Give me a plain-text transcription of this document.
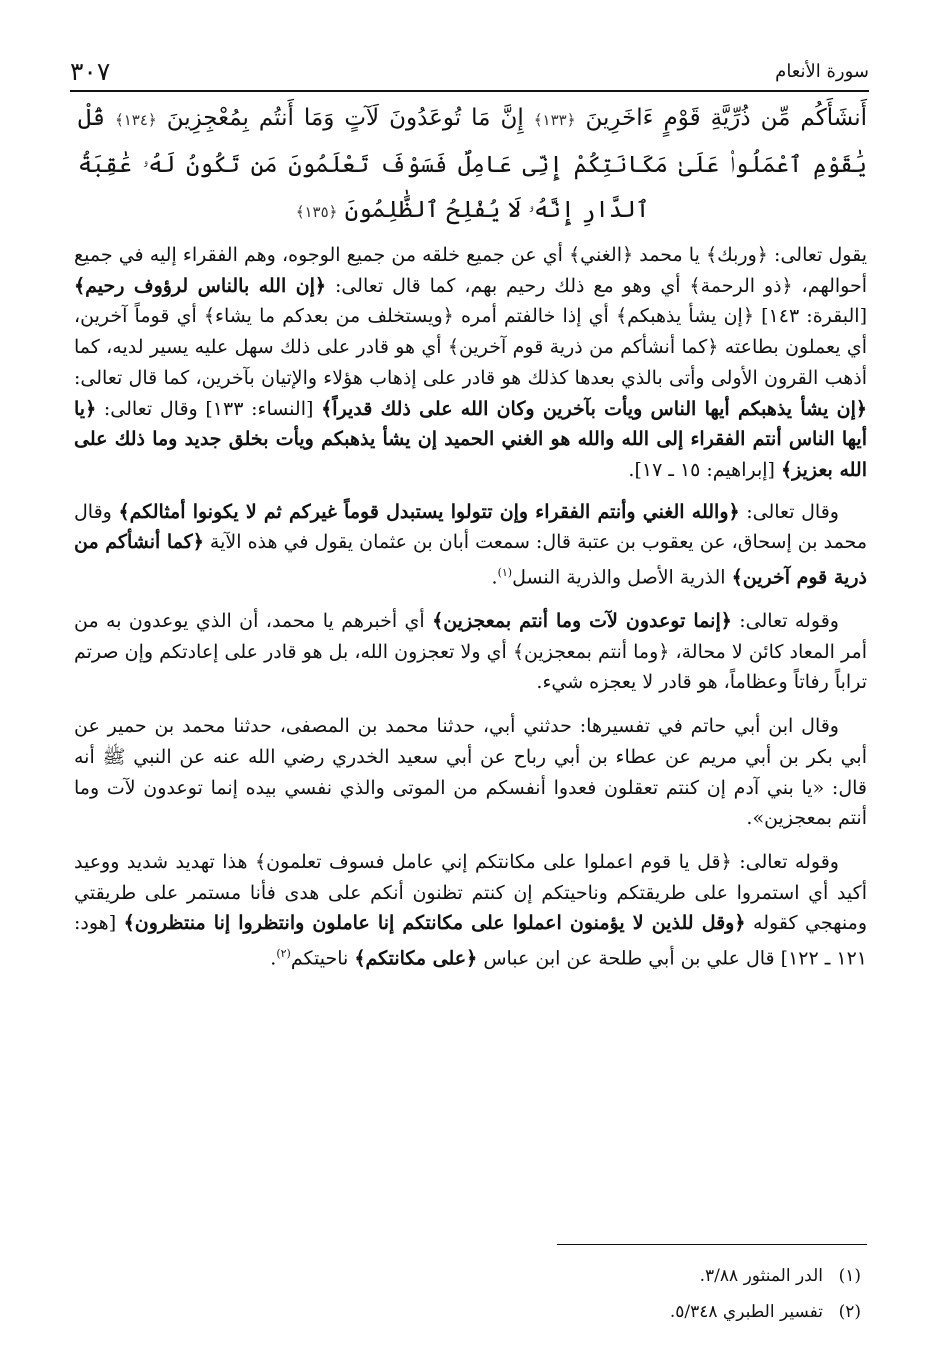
٣٠٧	سورة الأنعام
أَنشَأَكُم مِّن ذُرِّيَّةِ قَوْمٍ ءَاخَرِينَ ﴿١٣٣﴾ إِنَّ مَا تُوعَدُونَ لَآتٍ وَمَا أَنتُم بِمُعْجِزِينَ ﴿١٣٤﴾ قُلْ يَٰقَوْمِ ٱعْمَلُوا۟ عَلَىٰ مَكَانَتِكُمْ إِنِّى عَامِلٌ فَسَوْفَ تَعْلَمُونَ مَن تَكُونُ لَهُۥ عَٰقِبَةُ ٱلدَّارِ إِنَّهُۥ لَا يُفْلِحُ ٱلظَّٰلِمُونَ ﴿١٣٥﴾

يقول تعالى: ﴿وربك﴾ يا محمد ﴿الغني﴾ أي عن جميع خلقه من جميع الوجوه، وهم الفقراء إليه في جميع أحوالهم، ﴿ذو الرحمة﴾ أي وهو مع ذلك رحيم بهم، كما قال تعالى: ﴿إن الله بالناس لرؤوف رحيم﴾ [البقرة: ١٤٣] ﴿إن يشأ يذهبكم﴾ أي إذا خالفتم أمره ﴿ويستخلف من بعدكم ما يشاء﴾ أي قوماً آخرين، أي يعملون بطاعته ﴿كما أنشأكم من ذرية قوم آخرين﴾ أي هو قادر على ذلك سهل عليه يسير لديه، كما أذهب القرون الأولى وأتى بالذي بعدها كذلك هو قادر على إذهاب هؤلاء والإتيان بآخرين، كما قال تعالى: ﴿إن يشأ يذهبكم أيها الناس ويأت بآخرين وكان الله على ذلك قديراً﴾ [النساء: ١٣٣] وقال تعالى: ﴿يا أيها الناس أنتم الفقراء إلى الله والله هو الغني الحميد إن يشأ يذهبكم ويأت بخلق جديد وما ذلك على الله بعزيز﴾ [إبراهيم: ١٥ ـ ١٧].

وقال تعالى: ﴿والله الغني وأنتم الفقراء وإن تتولوا يستبدل قوماً غيركم ثم لا يكونوا أمثالكم﴾ وقال محمد بن إسحاق، عن يعقوب بن عتبة قال: سمعت أبان بن عثمان يقول في هذه الآية ﴿كما أنشأكم من ذرية قوم آخرين﴾ الذرية الأصل والذرية النسل$^{(١)}$.

وقوله تعالى: ﴿إنما توعدون لآت وما أنتم بمعجزين﴾ أي أخبرهم يا محمد، أن الذي يوعدون به من أمر المعاد كائن لا محالة، ﴿وما أنتم بمعجزين﴾ أي ولا تعجزون الله، بل هو قادر على إعادتكم وإن صرتم تراباً رفاتاً وعظاماً، هو قادر لا يعجزه شيء.

وقال ابن أبي حاتم في تفسيرها: حدثني أبي، حدثنا محمد بن المصفى، حدثنا محمد بن حمير عن أبي بكر بن أبي مريم عن عطاء بن أبي رباح عن أبي سعيد الخدري رضي الله عنه عن النبي ﷺ أنه قال: «يا بني آدم إن كنتم تعقلون فعدوا أنفسكم من الموتى والذي نفسي بيده إنما توعدون لآت وما أنتم بمعجزين».

وقوله تعالى: ﴿قل يا قوم اعملوا على مكانتكم إني عامل فسوف تعلمون﴾ هذا تهديد شديد ووعيد أكيد أي استمروا على طريقتكم وناحيتكم إن كنتم تظنون أنكم على هدى فأنا مستمر على طريقتي ومنهجي كقوله ﴿وقل للذين لا يؤمنون اعملوا على مكانتكم إنا عاملون وانتظروا إنا منتظرون﴾ [هود: ١٢١ ـ ١٢٢] قال علي بن أبي طلحة عن ابن عباس ﴿على مكانتكم﴾ ناحيتكم$^{(٢)}$.

(١)الدر المنثور ٣/٨٨.
(٢)تفسير الطبري ٥/٣٤٨.
